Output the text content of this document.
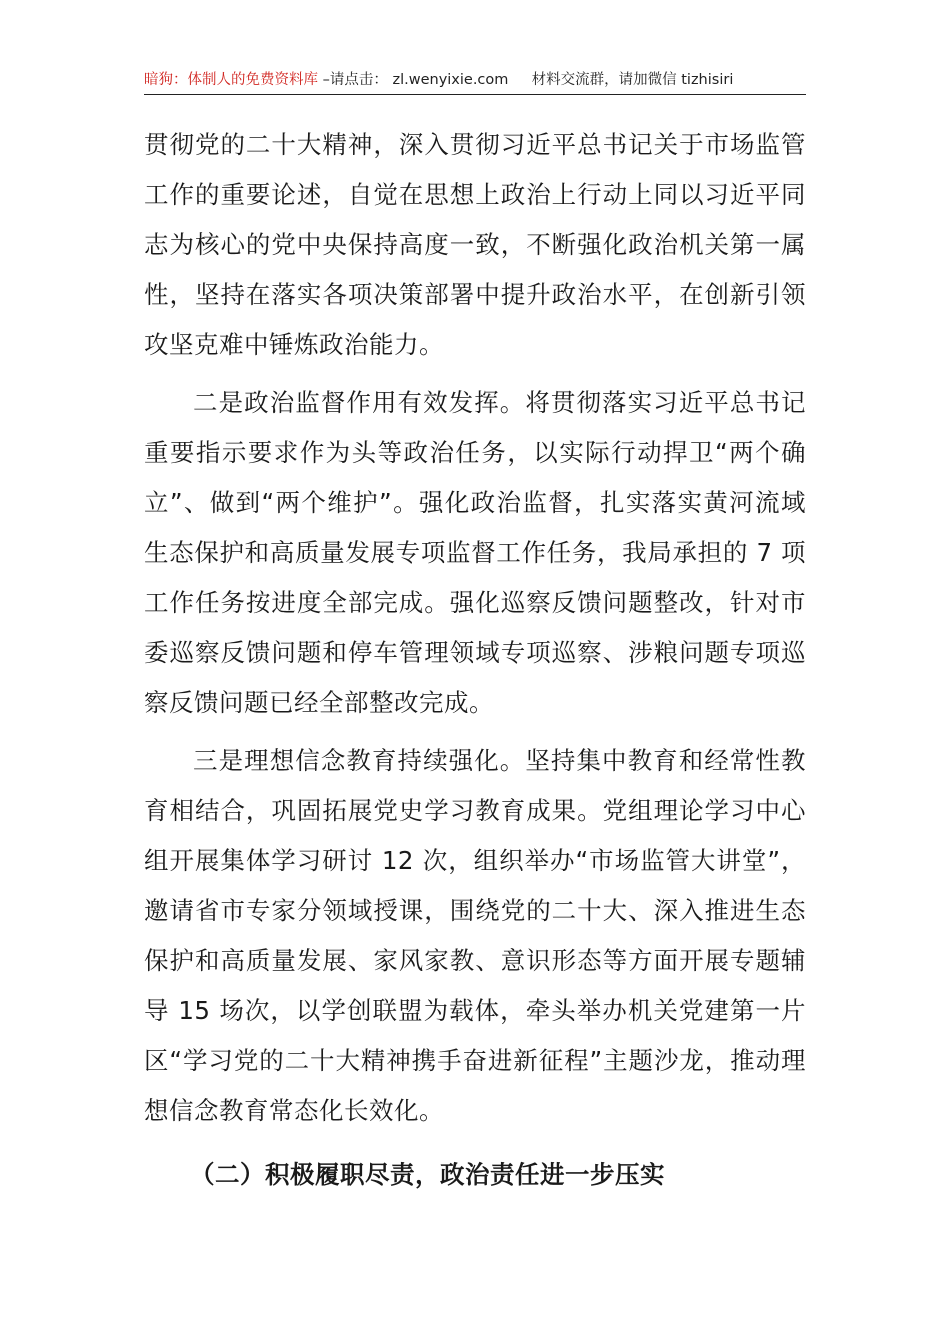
暗狗：体制人的免费资料库 –请点击： zl.wenyixie.com 材料交流群，请加微信 tizhisiri

贯彻党的二十大精神，深入贯彻习近平总书记关于市场监管工作的重要论述，自觉在思想上政治上行动上同以习近平同志为核心的党中央保持高度一致，不断强化政治机关第一属性，坚持在落实各项决策部署中提升政治水平，在创新引领攻坚克难中锤炼政治能力。

二是政治监督作用有效发挥。将贯彻落实习近平总书记重要指示要求作为头等政治任务，以实际行动捍卫“两个确立”、做到“两个维护”。强化政治监督，扎实落实黄河流域生态保护和高质量发展专项监督工作任务，我局承担的 7 项工作任务按进度全部完成。强化巡察反馈问题整改，针对市委巡察反馈问题和停车管理领域专项巡察、涉粮问题专项巡察反馈问题已经全部整改完成。

三是理想信念教育持续强化。坚持集中教育和经常性教育相结合，巩固拓展党史学习教育成果。党组理论学习中心组开展集体学习研讨 12 次，组织举办“市场监管大讲堂”，邀请省市专家分领域授课，围绕党的二十大、深入推进生态保护和高质量发展、家风家教、意识形态等方面开展专题辅导 15 场次，以学创联盟为载体，牵头举办机关党建第一片区“学习党的二十大精神携手奋进新征程”主题沙龙，推动理想信念教育常态化长效化。

（二）积极履职尽责，政治责任进一步压实
